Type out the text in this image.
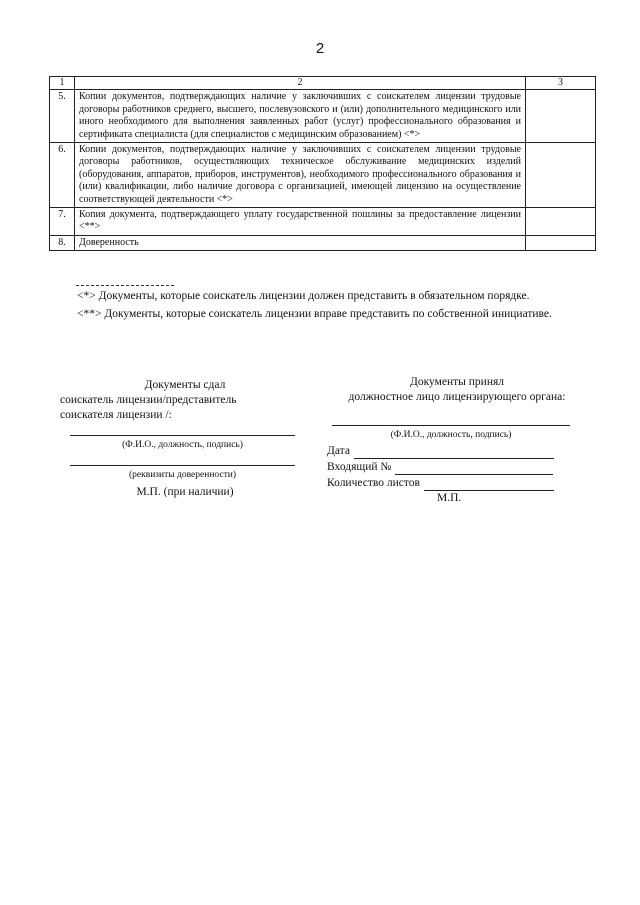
2
1	2	3
5.	Копии документов, подтверждающих наличие у заключивших с соискателем лицензии трудовые договоры работников среднего, высшего, послевузовского и (или) дополнительного медицинского или иного необходимого для выполнения заявленных работ (услуг) профессионального образования и сертификата специалиста (для специалистов с медицинским образованием) <*>	
6.	Копии документов, подтверждающих наличие у заключивших с соискателем лицензии трудовые договоры работников, осуществляющих техническое обслуживание медицинских изделий (оборудования, аппаратов, приборов, инструментов), необходимого профессионального образования и (или) квалификации, либо наличие договора с организацией, имеющей лицензию на осуществление соответствующей деятельности <*>	
7.	Копия документа, подтверждающего уплату государственной пошлины за предоставление лицензии <**>	
8.	Доверенность	

<*> Документы, которые соискатель лицензии должен представить в обязательном порядке.

<**> Документы, которые соискатель лицензии вправе представить по собственной инициативе.

Документы сдал
соискатель лицензии/представитель
соискателя лицензии /:
(Ф.И.О., должность, подпись)
(реквизиты доверенности)
М.П. (при наличии)
Документы принял
должностное лицо лицензирующего органа:
(Ф.И.О., должность, подпись)
Дата
Входящий №
Количество листов
М.П.
